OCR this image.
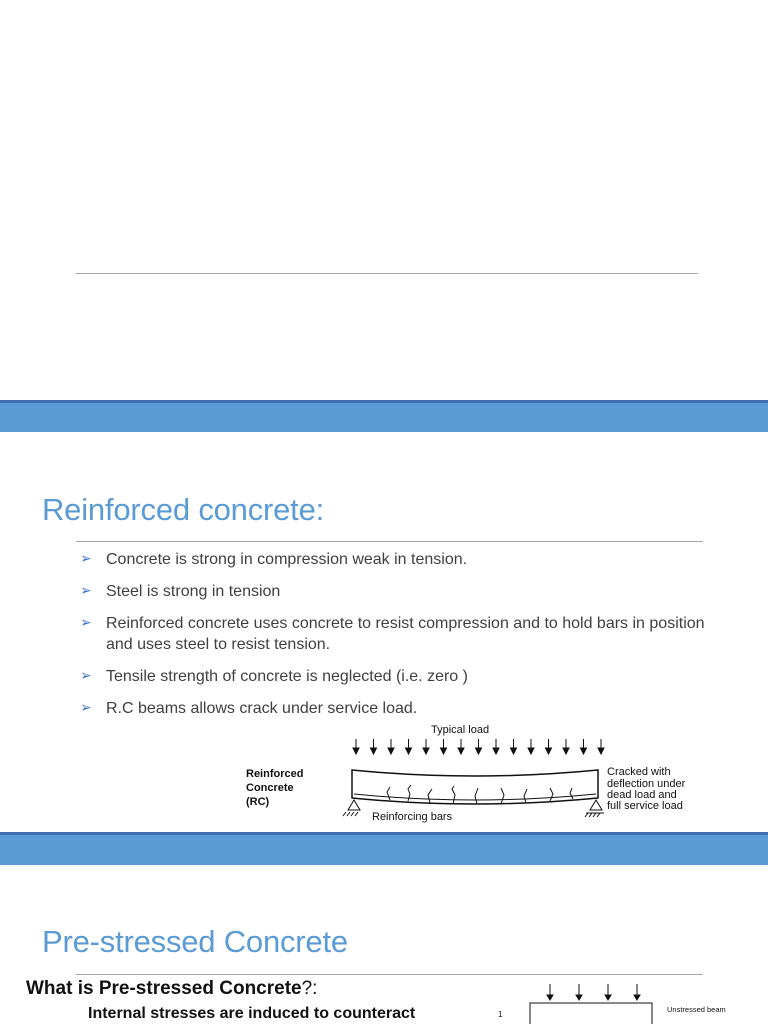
Reinforced concrete:
➢ Concrete is strong in compression weak in tension.
➢ Steel is strong in tension
➢ Reinforced concrete uses concrete to resist compression and to hold bars in position and uses steel to resist tension.
➢ Tensile strength of concrete is neglected (i.e. zero )
➢ R.C beams allows crack under service load.
Typical load
Reinforced
Concrete
(RC)
Reinforcing bars
Cracked with
deflection under
dead load and
full service load
Pre-stressed Concrete
What is Pre-stressed Concrete?:
Internal stresses are induced to counteract	1
Unstressed beam
